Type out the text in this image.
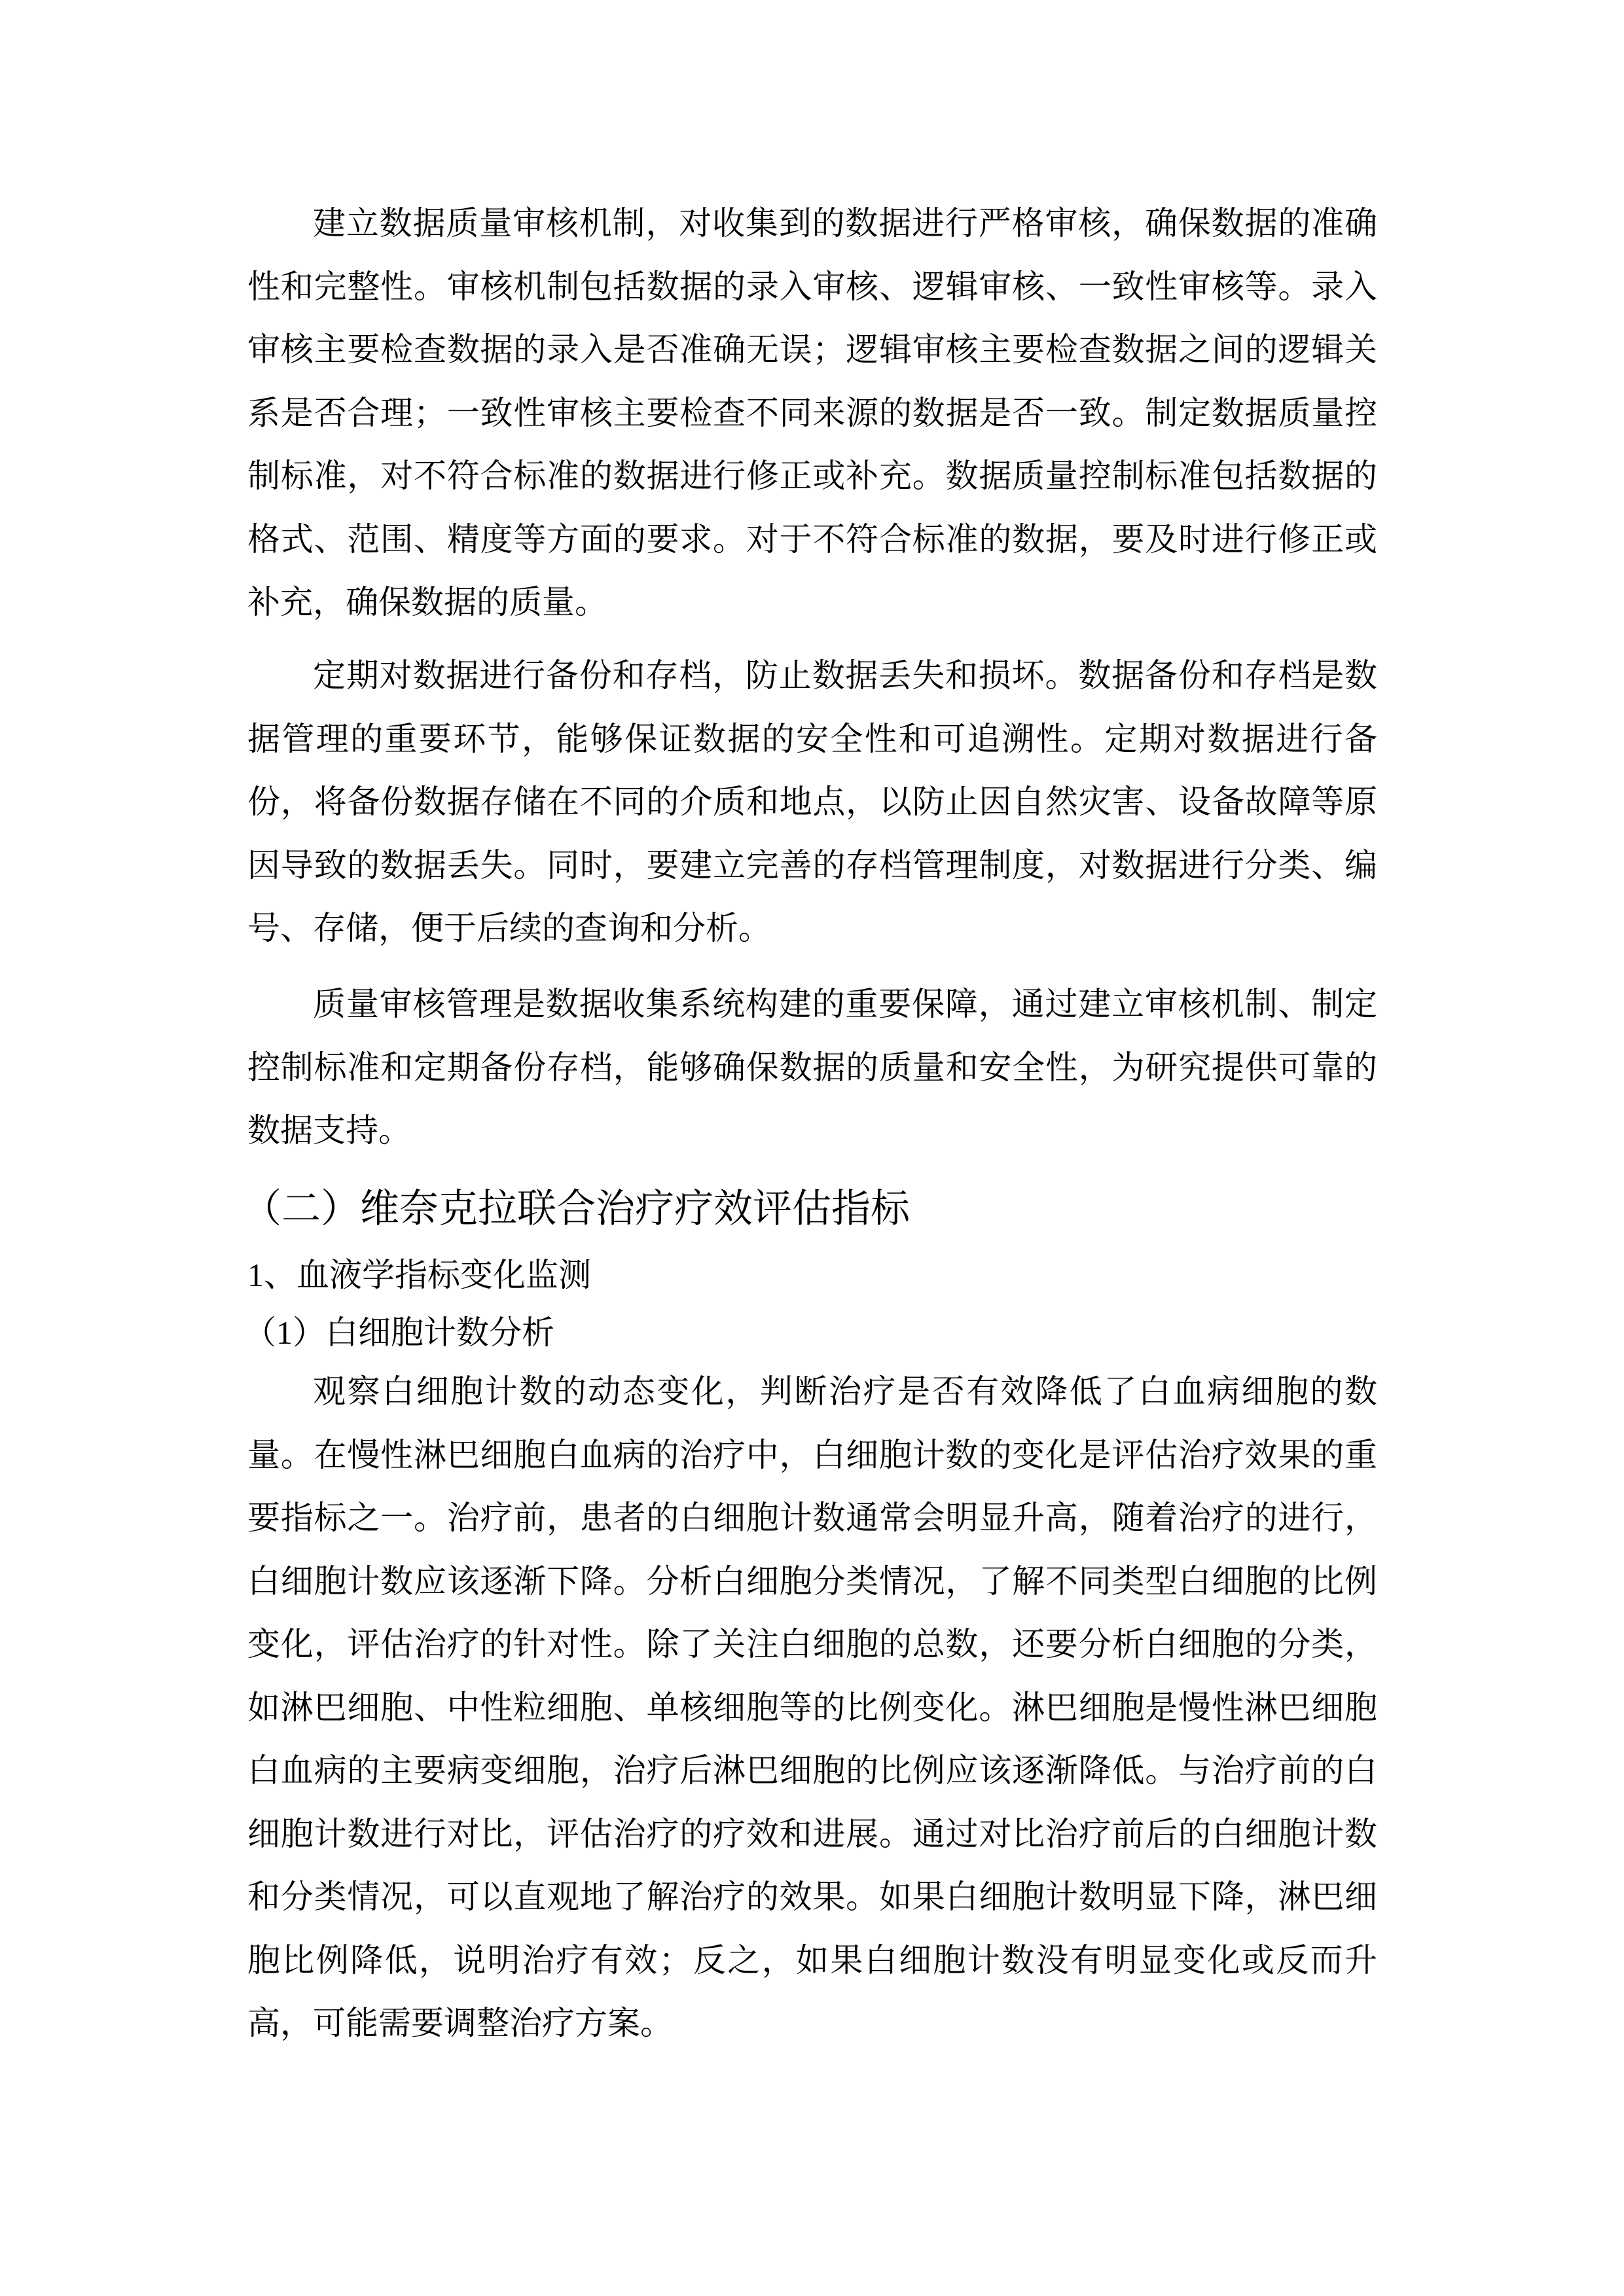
建立数据质量审核机制，对收集到的数据进行严格审核，确保数据的准确
性和完整性。审核机制包括数据的录入审核、逻辑审核、一致性审核等。录入
审核主要检查数据的录入是否准确无误；逻辑审核主要检查数据之间的逻辑关
系是否合理；一致性审核主要检查不同来源的数据是否一致。制定数据质量控
制标准，对不符合标准的数据进行修正或补充。数据质量控制标准包括数据的
格式、范围、精度等方面的要求。对于不符合标准的数据，要及时进行修正或
补充，确保数据的质量。
定期对数据进行备份和存档，防止数据丢失和损坏。数据备份和存档是数
据管理的重要环节，能够保证数据的安全性和可追溯性。定期对数据进行备
份，将备份数据存储在不同的介质和地点，以防止因自然灾害、设备故障等原
因导致的数据丢失。同时，要建立完善的存档管理制度，对数据进行分类、编
号、存储，便于后续的查询和分析。
质量审核管理是数据收集系统构建的重要保障，通过建立审核机制、制定
控制标准和定期备份存档，能够确保数据的质量和安全性，为研究提供可靠的
数据支持。
（二）维奈克拉联合治疗疗效评估指标
1、血液学指标变化监测
（1）白细胞计数分析
观察白细胞计数的动态变化，判断治疗是否有效降低了白血病细胞的数
量。在慢性淋巴细胞白血病的治疗中，白细胞计数的变化是评估治疗效果的重
要指标之一。治疗前，患者的白细胞计数通常会明显升高，随着治疗的进行，
白细胞计数应该逐渐下降。分析白细胞分类情况，了解不同类型白细胞的比例
变化，评估治疗的针对性。除了关注白细胞的总数，还要分析白细胞的分类，
如淋巴细胞、中性粒细胞、单核细胞等的比例变化。淋巴细胞是慢性淋巴细胞
白血病的主要病变细胞，治疗后淋巴细胞的比例应该逐渐降低。与治疗前的白
细胞计数进行对比，评估治疗的疗效和进展。通过对比治疗前后的白细胞计数
和分类情况，可以直观地了解治疗的效果。如果白细胞计数明显下降，淋巴细
胞比例降低，说明治疗有效；反之，如果白细胞计数没有明显变化或反而升
高，可能需要调整治疗方案。
